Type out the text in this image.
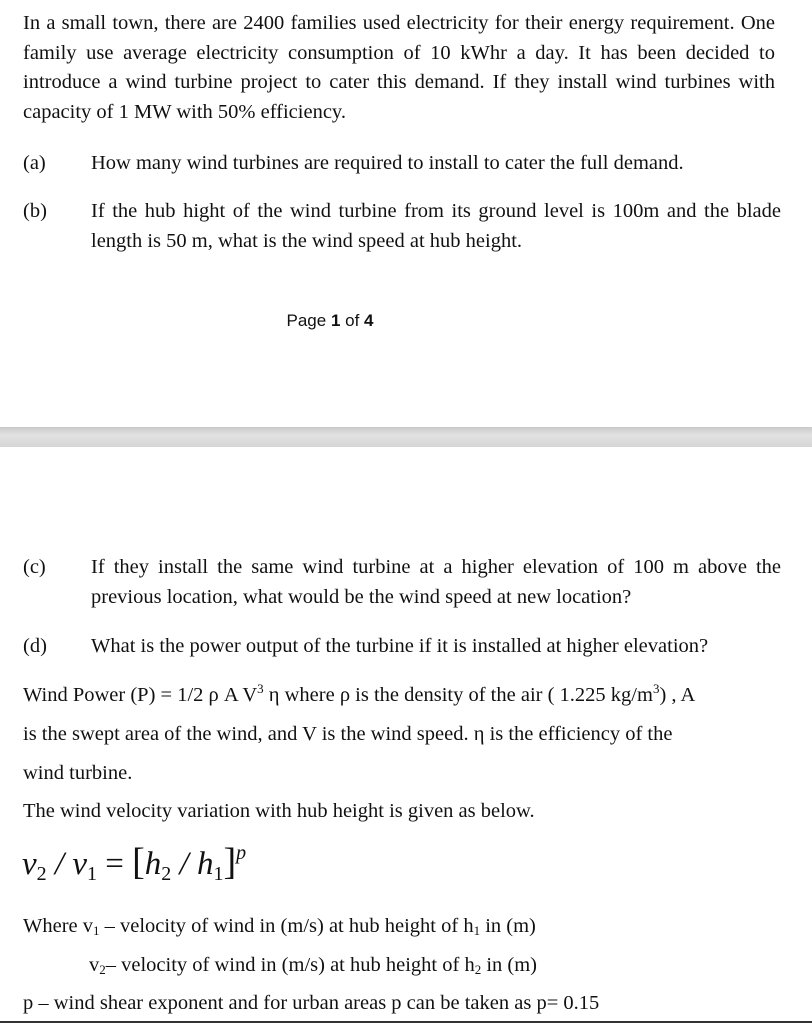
In a small town, there are 2400 families used electricity for their energy requirement. One family use average electricity consumption of 10 kWhr a day. It has been decided to introduce a wind turbine project to cater this demand. If they install wind turbines with capacity of 1 MW with 50% efficiency.

(a) How many wind turbines are required to install to cater the full demand.

(b) If the hub hight of the wind turbine from its ground level is 100m and the blade length is 50 m, what is the wind speed at hub height.

Page 1 of 4
(c) If they install the same wind turbine at a higher elevation of 100 m above the previous location, what would be the wind speed at new location?

(d) What is the power output of the turbine if it is installed at higher elevation?

Wind Power (P) = 1/2 ρ A $V^3$ η where ρ is the density of the air ( 1.225 $kg/m^3$) , A
is the swept area of the wind, and V is the wind speed. η is the efficiency of the
wind turbine.
The wind velocity variation with hub height is given as below.
$v_2 / v_1 = [h_2 / h_1]^p$
Where $v_1$ – velocity of wind in (m/s) at hub height of $h_1$ in (m)
$v_2-$ velocity of wind in (m/s) at hub height of $h_2$ in (m)
p – wind shear exponent and for urban areas p can be taken as p= 0.15
